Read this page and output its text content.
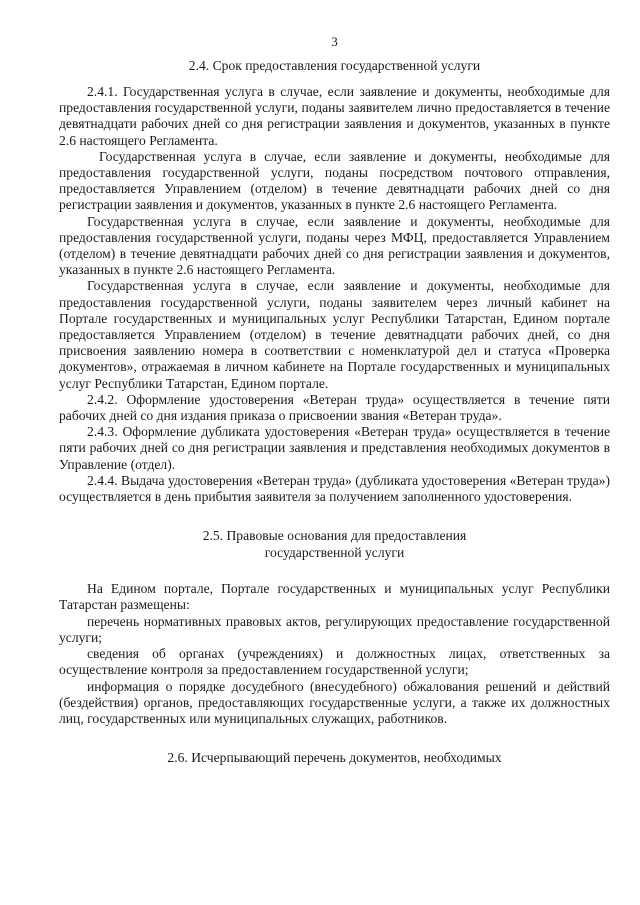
3
2.4. Срок предоставления государственной услуги

2.4.1. Государственная услуга в случае, если заявление и документы, необходимые для предоставления государственной услуги, поданы заявителем лично предоставляется в течение девятнадцати рабочих дней со дня регистрации заявления и документов, указанных в пункте 2.6 настоящего Регламента.

Государственная услуга в случае, если заявление и документы, необходимые для предоставления государственной услуги, поданы посредством почтового отправления, предоставляется Управлением (отделом) в течение девятнадцати рабочих дней со дня регистрации заявления и документов, указанных в пункте 2.6 настоящего Регламента.

Государственная услуга в случае, если заявление и документы, необходимые для предоставления государственной услуги, поданы через МФЦ, предоставляется Управлением (отделом) в течение девятнадцати рабочих дней со дня регистрации заявления и документов, указанных в пункте 2.6 настоящего Регламента.

Государственная услуга в случае, если заявление и документы, необходимые для предоставления государственной услуги, поданы заявителем через личный кабинет на Портале государственных и муниципальных услуг Республики Татарстан, Едином портале предоставляется Управлением (отделом) в течение девятнадцати рабочих дней, со дня присвоения заявлению номера в соответствии с номенклатурой дел и статуса «Проверка документов», отражаемая в личном кабинете на Портале государственных и муниципальных услуг Республики Татарстан, Едином портале.

2.4.2. Оформление удостоверения «Ветеран труда» осуществляется в течение пяти рабочих дней со дня издания приказа о присвоении звания «Ветеран труда».

2.4.3. Оформление дубликата удостоверения «Ветеран труда» осуществляется в течение пяти рабочих дней со дня регистрации заявления и представления необходимых документов в Управление (отдел).

2.4.4. Выдача удостоверения «Ветеран труда» (дубликата удостоверения «Ветеран труда») осуществляется в день прибытия заявителя за получением заполненного удостоверения.

2.5. Правовые основания для предоставления
государственной услуги

На Едином портале, Портале государственных и муниципальных услуг Республики Татарстан размещены:

перечень нормативных правовых актов, регулирующих предоставление государственной услуги;

сведения об органах (учреждениях) и должностных лицах, ответственных за осуществление контроля за предоставлением государственной услуги;

информация о порядке досудебного (внесудебного) обжалования решений и действий (бездействия) органов, предоставляющих государственные услуги, а также их должностных лиц, государственных или муниципальных служащих, работников.

2.6. Исчерпывающий перечень документов, необходимых
